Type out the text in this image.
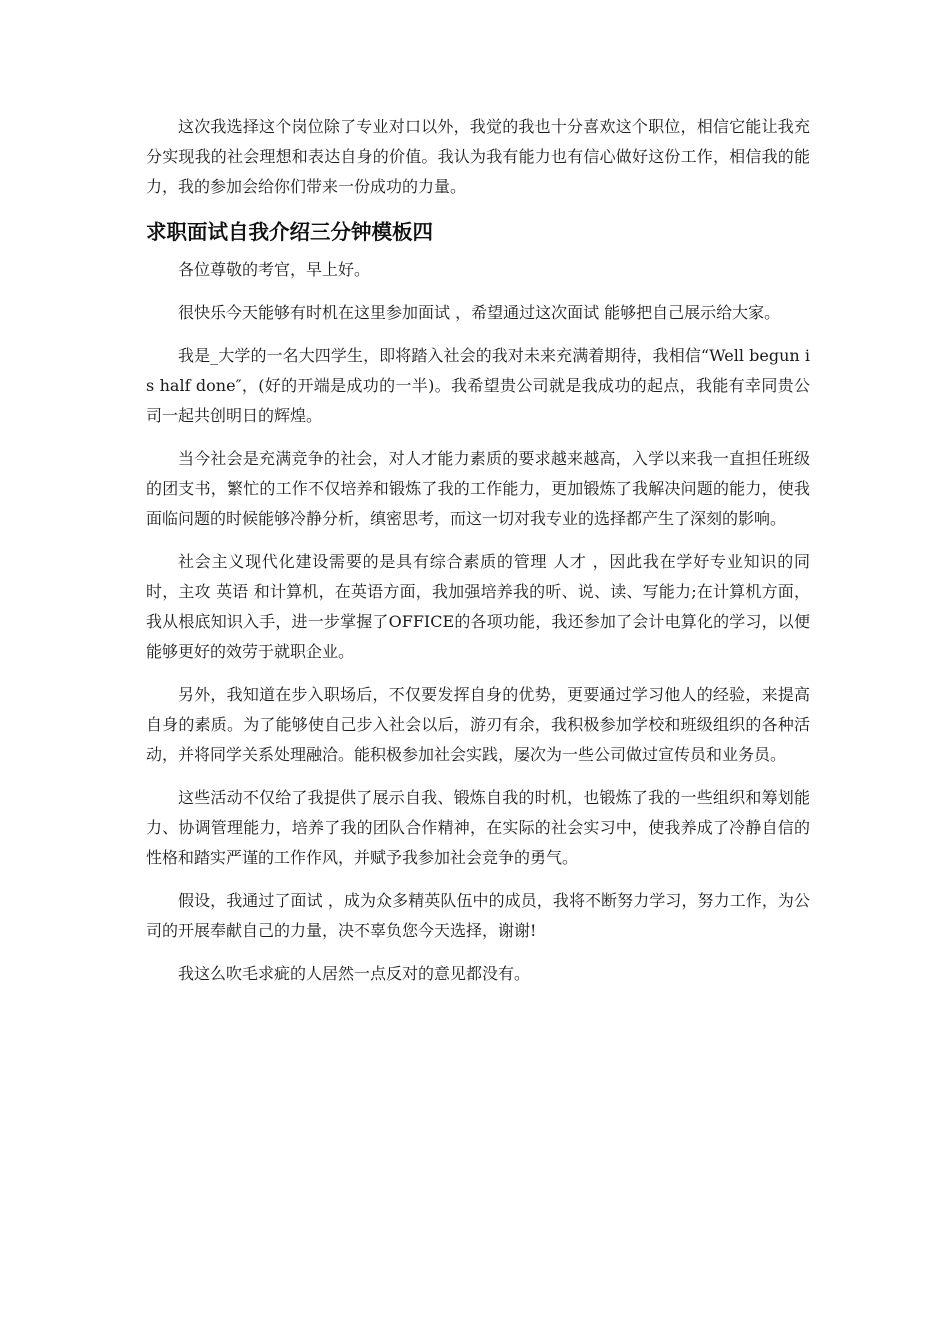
这次我选择这个岗位除了专业对口以外，我觉的我也十分喜欢这个职位，相信它能让我充分实现我的社会理想和表达自身的价值。我认为我有能力也有信心做好这份工作，相信我的能力，我的参加会给你们带来一份成功的力量。

求职面试自我介绍三分钟模板四

各位尊敬的考官，早上好。

很快乐今天能够有时机在这里参加面试 ，希望通过这次面试 能够把自己展示给大家。

我是_大学的一名大四学生，即将踏入社会的我对未来充满着期待，我相信“Well begun is half done″，(好的开端是成功的一半)。我希望贵公司就是我成功的起点，我能有幸同贵公司一起共创明日的辉煌。

当今社会是充满竞争的社会，对人才能力素质的要求越来越高，入学以来我一直担任班级的团支书，繁忙的工作不仅培养和锻炼了我的工作能力，更加锻炼了我解决问题的能力，使我面临问题的时候能够冷静分析，缜密思考，而这一切对我专业的选择都产生了深刻的影响。

社会主义现代化建设需要的是具有综合素质的管理 人才 ，因此我在学好专业知识的同时，主攻 英语 和计算机，在英语方面，我加强培养我的听、说、读、写能力;在计算机方面，我从根底知识入手，进一步掌握了OFFICE的各项功能，我还参加了会计电算化的学习，以便能够更好的效劳于就职企业。

另外，我知道在步入职场后，不仅要发挥自身的优势，更要通过学习他人的经验，来提高自身的素质。为了能够使自己步入社会以后，游刃有余，我积极参加学校和班级组织的各种活动，并将同学关系处理融洽。能积极参加社会实践，屡次为一些公司做过宣传员和业务员。

这些活动不仅给了我提供了展示自我、锻炼自我的时机，也锻炼了我的一些组织和筹划能力、协调管理能力，培养了我的团队合作精神，在实际的社会实习中，使我养成了冷静自信的性格和踏实严谨的工作作风，并赋予我参加社会竞争的勇气。

假设，我通过了面试 ，成为众多精英队伍中的成员，我将不断努力学习，努力工作，为公司的开展奉献自己的力量，决不辜负您今天选择，谢谢!

我这么吹毛求疵的人居然一点反对的意见都没有。
